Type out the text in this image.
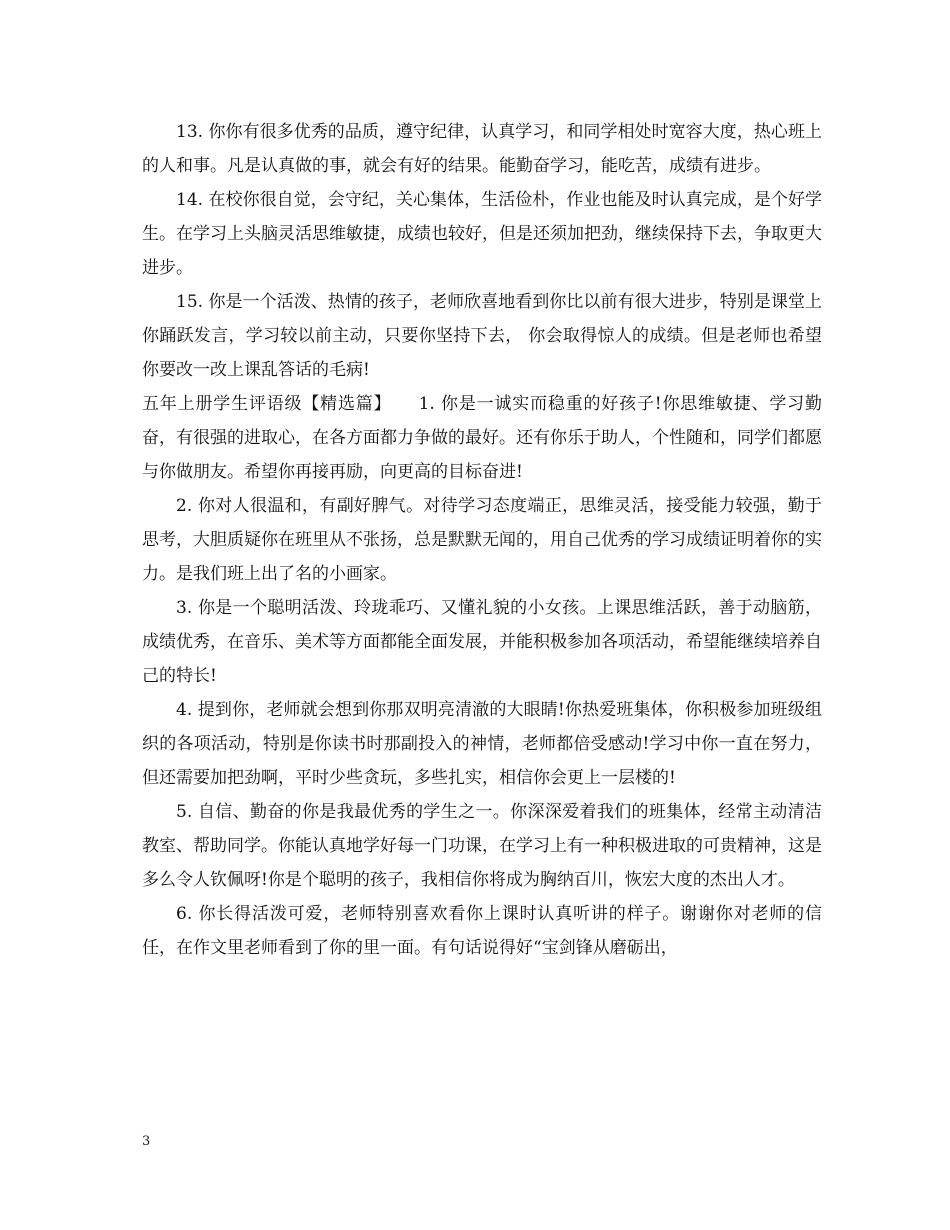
13. 你你有很多优秀的品质，遵守纪律，认真学习，和同学相处时宽容大度，热心班上的人和事。凡是认真做的事，就会有好的结果。能勤奋学习，能吃苦，成绩有进步。

14. 在校你很自觉，会守纪，关心集体，生活俭朴，作业也能及时认真完成，是个好学生。在学习上头脑灵活思维敏捷，成绩也较好，但是还须加把劲，继续保持下去，争取更大进步。

15. 你是一个活泼、热情的孩子，老师欣喜地看到你比以前有很大进步，特别是课堂上你踊跃发言，学习较以前主动，只要你坚持下去， 你会取得惊人的成绩。但是老师也希望你要改一改上课乱答话的毛病!

五年上册学生评语级【精选篇】　　1. 你是一诚实而稳重的好孩子!你思维敏捷、学习勤奋，有很强的进取心，在各方面都力争做的最好。还有你乐于助人，个性随和，同学们都愿与你做朋友。希望你再接再励，向更高的目标奋进!

2. 你对人很温和，有副好脾气。对待学习态度端正，思维灵活，接受能力较强，勤于思考，大胆质疑你在班里从不张扬，总是默默无闻的，用自己优秀的学习成绩证明着你的实力。是我们班上出了名的小画家。

3. 你是一个聪明活泼、玲珑乖巧、又懂礼貌的小女孩。上课思维活跃，善于动脑筋，成绩优秀，在音乐、美术等方面都能全面发展，并能积极参加各项活动，希望能继续培养自己的特长!

4. 提到你，老师就会想到你那双明亮清澈的大眼睛!你热爱班集体，你积极参加班级组织的各项活动，特别是你读书时那副投入的神情，老师都倍受感动!学习中你一直在努力，但还需要加把劲啊，平时少些贪玩，多些扎实，相信你会更上一层楼的!

5. 自信、勤奋的你是我最优秀的学生之一。你深深爱着我们的班集体，经常主动清洁教室、帮助同学。你能认真地学好每一门功课，在学习上有一种积极进取的可贵精神，这是多么令人钦佩呀!你是个聪明的孩子，我相信你将成为胸纳百川，恢宏大度的杰出人才。

6. 你长得活泼可爱，老师特别喜欢看你上课时认真听讲的样子。谢谢你对老师的信任，在作文里老师看到了你的里一面。有句话说得好“宝剑锋从磨砺出，

3
